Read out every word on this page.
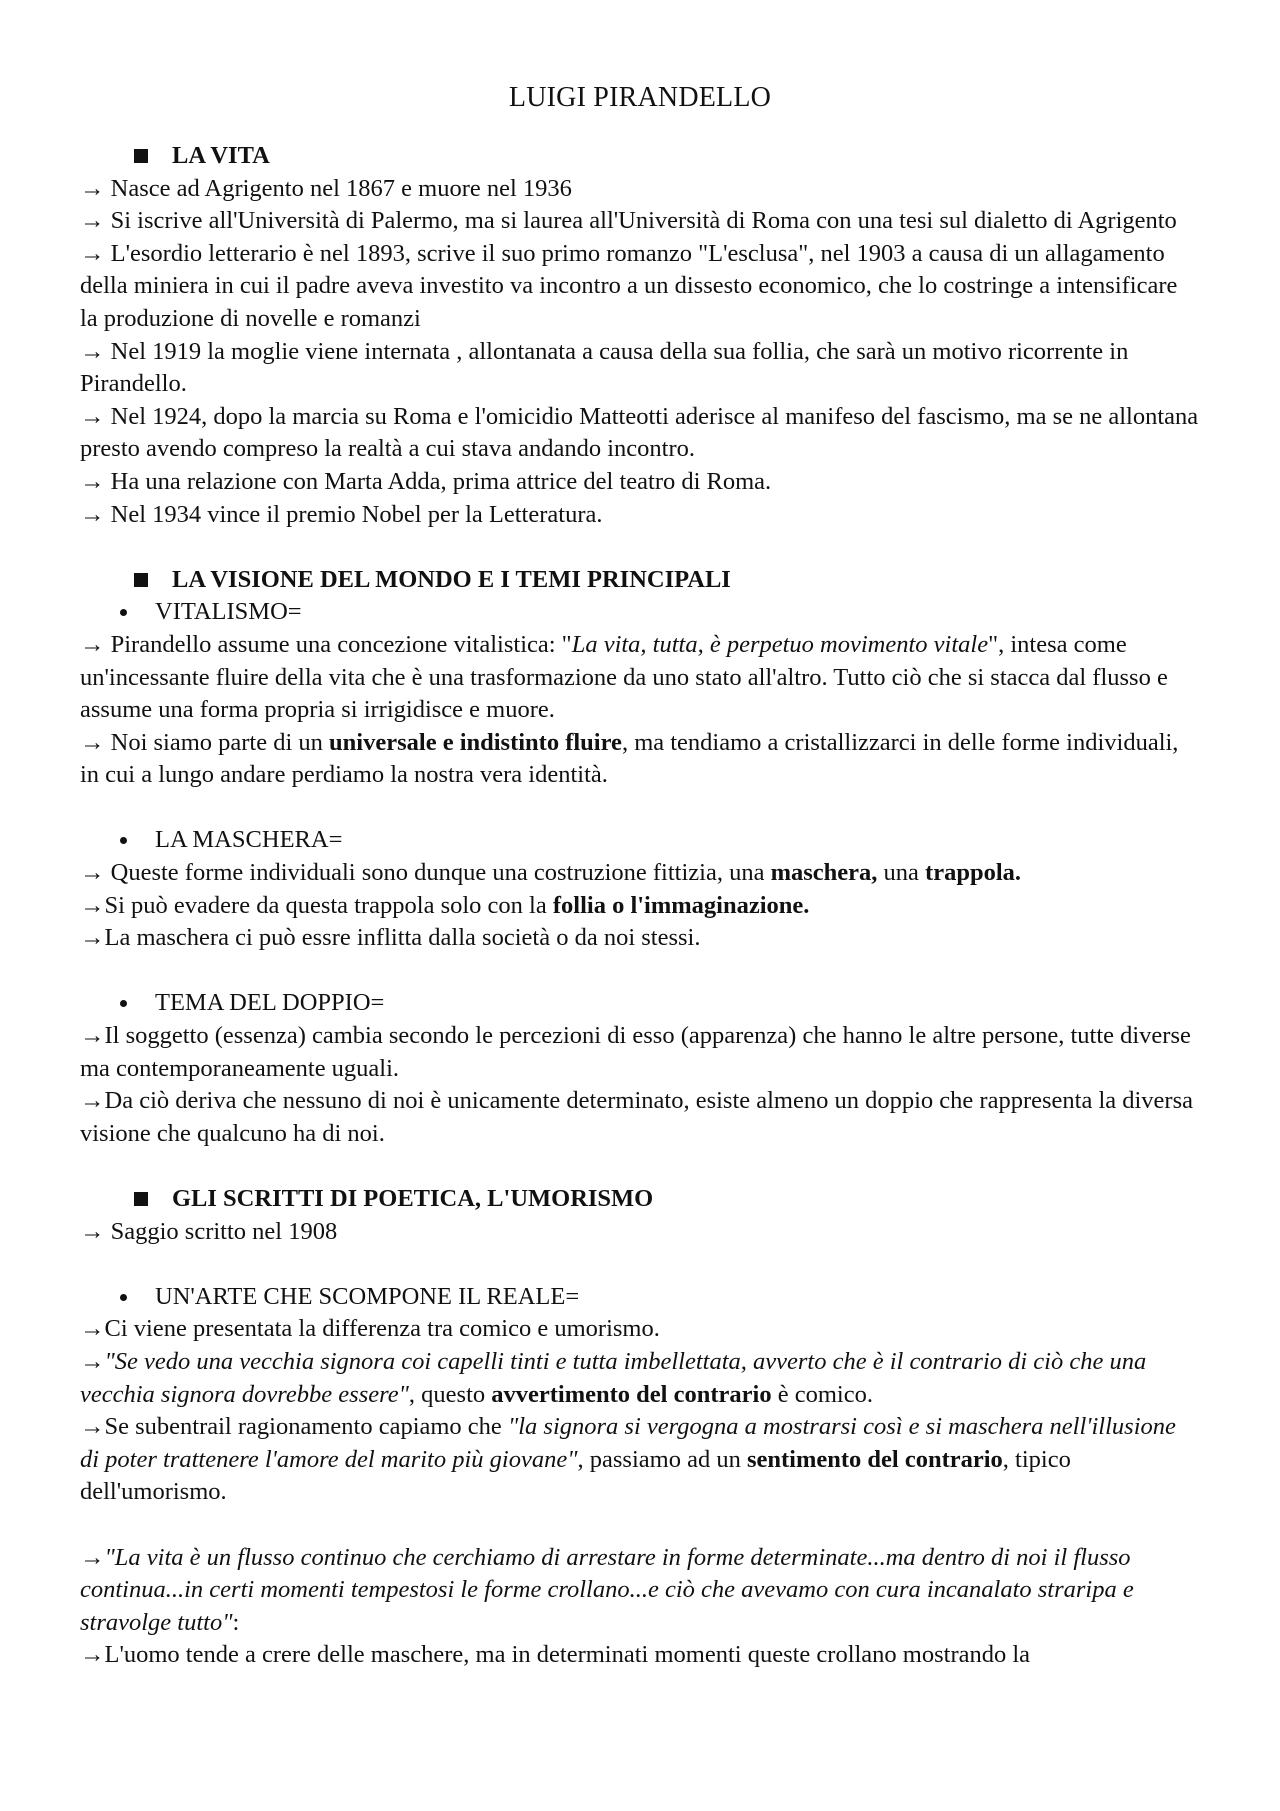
LUIGI PIRANDELLO
LA VITA

→ Nasce ad Agrigento nel 1867 e muore nel 1936

→ Si iscrive all'Università di Palermo, ma si laurea all'Università di Roma con una tesi sul dialetto di Agrigento

→ L'esordio letterario è nel 1893, scrive il suo primo romanzo "L'esclusa", nel 1903 a causa di un allagamento della miniera in cui il padre aveva investito va incontro a un dissesto economico, che lo costringe a intensificare la produzione di novelle e romanzi

→ Nel 1919 la moglie viene internata , allontanata a causa della sua follia, che sarà un motivo ricorrente in Pirandello.

→ Nel 1924, dopo la marcia su Roma e l'omicidio Matteotti aderisce al manifeso del fascismo, ma se ne allontana presto avendo compreso la realtà a cui stava andando incontro.

→ Ha una relazione con Marta Adda, prima attrice del teatro di Roma.

→ Nel 1934 vince il premio Nobel per la Letteratura.

LA VISIONE DEL MONDO E I TEMI PRINCIPALI
VITALISMO=

→ Pirandello assume una concezione vitalistica: "La vita, tutta, è perpetuo movimento vitale", intesa come un'incessante fluire della vita che è una trasformazione da uno stato all'altro. Tutto ciò che si stacca dal flusso e assume una forma propria si irrigidisce e muore.

→ Noi siamo parte di un universale e indistinto fluire, ma tendiamo a cristallizzarci in delle forme individuali, in cui a lungo andare perdiamo la nostra vera identità.

LA MASCHERA=

→ Queste forme individuali sono dunque una costruzione fittizia, una maschera, una trappola.

→Si può evadere da questa trappola solo con la follia o l'immaginazione.

→La maschera ci può essre inflitta dalla società o da noi stessi.

TEMA DEL DOPPIO=

→Il soggetto (essenza) cambia secondo le percezioni di esso (apparenza) che hanno le altre persone, tutte diverse ma contemporaneamente uguali.

→Da ciò deriva che nessuno di noi è unicamente determinato, esiste almeno un doppio che rappresenta la diversa visione che qualcuno ha di noi.

GLI SCRITTI DI POETICA, L'UMORISMO

→ Saggio scritto nel 1908

UN'ARTE CHE SCOMPONE IL REALE=

→Ci viene presentata la differenza tra comico e umorismo.

→"Se vedo una vecchia signora coi capelli tinti e tutta imbellettata, avverto che è il contrario di ciò che una vecchia signora dovrebbe essere", questo avvertimento del contrario è comico.

→Se subentrail ragionamento capiamo che "la signora si vergogna a mostrarsi così e si maschera nell'illusione di poter trattenere l'amore del marito più giovane", passiamo ad un sentimento del contrario, tipico dell'umorismo.

→"La vita è un flusso continuo che cerchiamo di arrestare in forme determinate...ma dentro di noi il flusso continua...in certi momenti tempestosi le forme crollano...e ciò che avevamo con cura incanalato straripa e stravolge tutto":

→L'uomo tende a crere delle maschere, ma in determinati momenti queste crollano mostrando la
